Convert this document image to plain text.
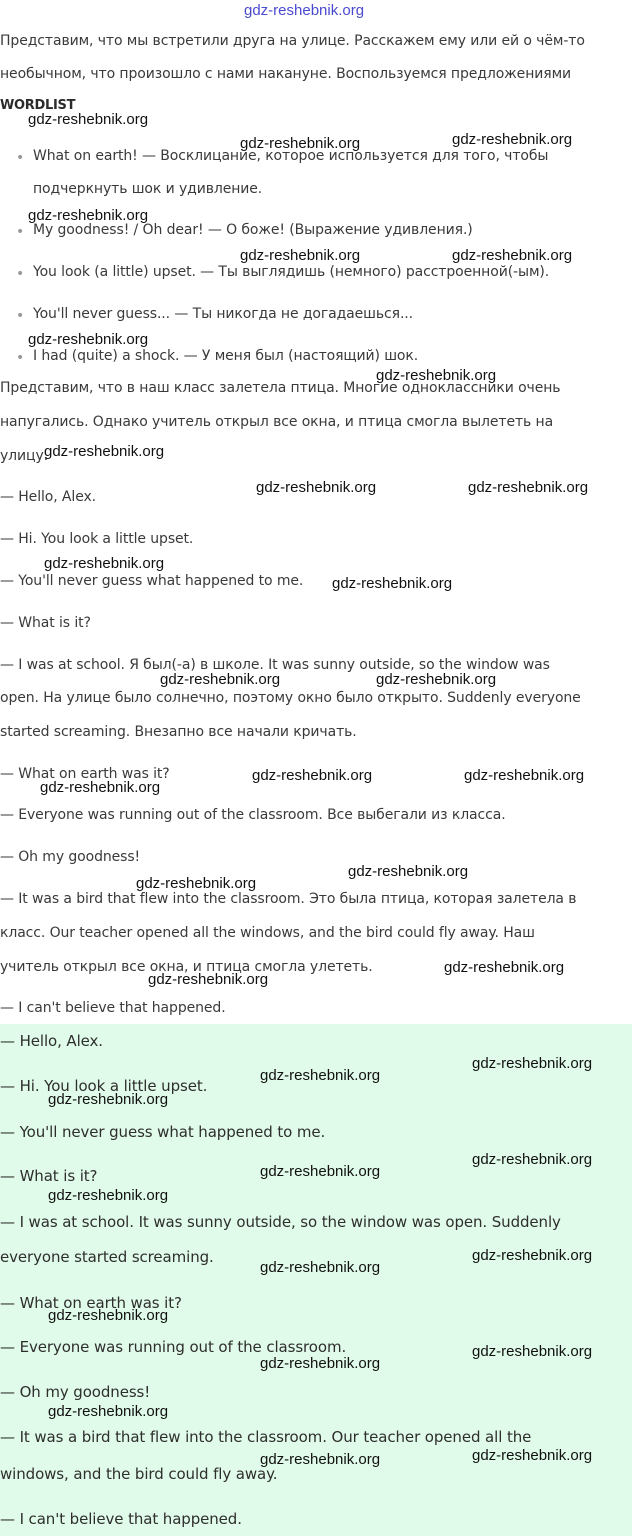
gdz-reshebnik.org
Представим, что мы встретили друга на улице. Расскажем ему или ей о чём-то
необычном, что произошло с нами накануне. Воспользуемся предложениями
WORDLIST
• What on earth! — Восклицание, которое используется для того, чтобы
подчеркнуть шок и удивление.
• My goodness! / Oh dear! — О боже! (Выражение удивления.)
• You look (a little) upset. — Ты выглядишь (немного) расстроенной(-ым).
• You'll never guess... — Ты никогда не догадаешься...
• I had (quite) a shock. — У меня был (настоящий) шок.
Представим, что в наш класс залетела птица. Многие одноклассники очень
напугались. Однако учитель открыл все окна, и птица смогла вылететь на
улицу.
— Hello, Alex.
— Hi. You look a little upset.
— You'll never guess what happened to me.
— What is it?
— I was at school. Я был(-а) в школе. It was sunny outside, so the window was
open. На улице было солнечно, поэтому окно было открыто. Suddenly everyone
started screaming. Внезапно все начали кричать.
— What on earth was it?
— Everyone was running out of the classroom. Все выбегали из класса.
— Oh my goodness!
— It was a bird that flew into the classroom. Это была птица, которая залетела в
класс. Our teacher opened all the windows, and the bird could fly away. Наш
учитель открыл все окна, и птица смогла улететь.
— I can't believe that happened.
— Hello, Alex.
— Hi. You look a little upset.
— You'll never guess what happened to me.
— What is it?
— I was at school. It was sunny outside, so the window was open. Suddenly
everyone started screaming.
— What on earth was it?
— Everyone was running out of the classroom.
— Oh my goodness!
— It was a bird that flew into the classroom. Our teacher opened all the
windows, and the bird could fly away.
— I can't believe that happened.
gdz-reshebnik.org
gdz-reshebnik.org	gdz-reshebnik.org
gdz-reshebnik.org
gdz-reshebnik.org	gdz-reshebnik.org
gdz-reshebnik.org
gdz-reshebnik.org
gdz-reshebnik.org
gdz-reshebnik.org	gdz-reshebnik.org
gdz-reshebnik.org
gdz-reshebnik.org
gdz-reshebnik.org	gdz-reshebnik.org
gdz-reshebnik.org	gdz-reshebnik.org
gdz-reshebnik.org
gdz-reshebnik.org
gdz-reshebnik.org
gdz-reshebnik.org
gdz-reshebnik.org
gdz-reshebnik.org
gdz-reshebnik.org
gdz-reshebnik.org
gdz-reshebnik.org
gdz-reshebnik.org
gdz-reshebnik.org
gdz-reshebnik.org
gdz-reshebnik.org
gdz-reshebnik.org
gdz-reshebnik.org
gdz-reshebnik.org
gdz-reshebnik.org
gdz-reshebnik.org	gdz-reshebnik.org
